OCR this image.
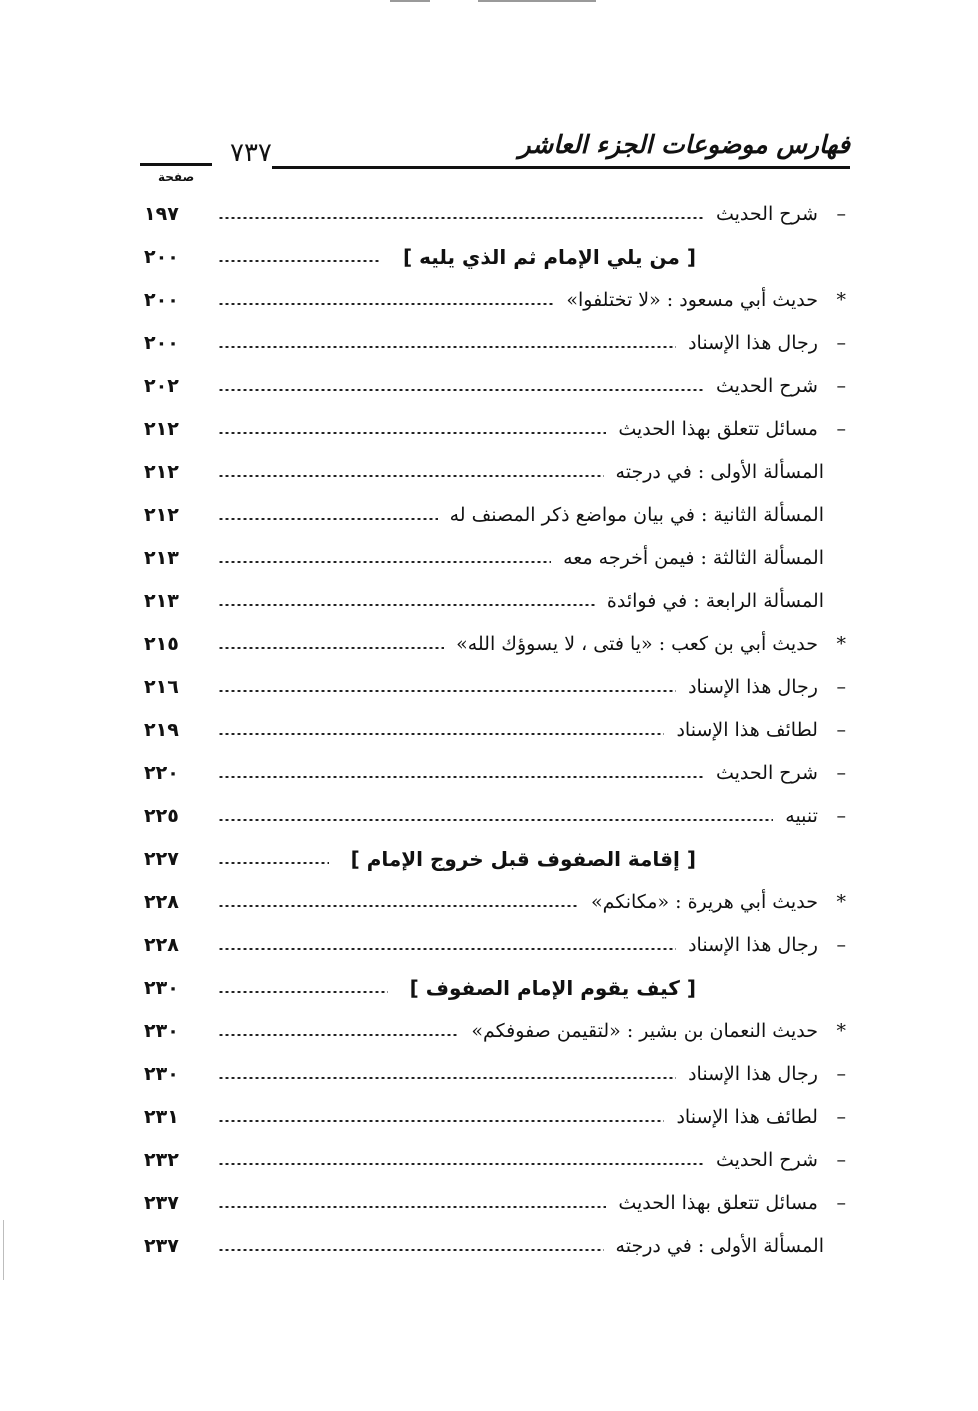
فهارس موضوعات الجزء العاشر
٧٣٧
صفحة
– شرح الحديث
١٩٧
[ من يلي الإمام ثم الذي يليه ]
٢٠٠
* حديث أبي مسعود : «لا تختلفوا»
٢٠٠
– رجال هذا الإسناد
٢٠٠
– شرح الحديث
٢٠٢
– مسائل تتعلق بهذا الحديث
٢١٢
المسألة الأولى : في درجته
٢١٢
المسألة الثانية : في بيان مواضع ذكر المصنف له
٢١٢
المسألة الثالثة : فيمن أخرجه معه
٢١٣
المسألة الرابعة : في فوائدة
٢١٣
* حديث أبي بن كعب : «يا فتى ، لا يسوؤك الله»
٢١٥
– رجال هذا الإسناد
٢١٦
– لطائف هذا الإسناد
٢١٩
– شرح الحديث
٢٢٠
– تنبيه
٢٢٥
[ إقامة الصفوف قبل خروج الإمام ]
٢٢٧
* حديث أبي هريرة : «مكانكم»
٢٢٨
– رجال هذا الإسناد
٢٢٨
[ كيف يقوم الإمام الصفوف ]
٢٣٠
* حديث النعمان بن بشير : «لتقيمن صفوفكم»
٢٣٠
– رجال هذا الإسناد
٢٣٠
– لطائف هذا الإسناد
٢٣١
– شرح الحديث
٢٣٢
– مسائل تتعلق بهذا الحديث
٢٣٧
المسألة الأولى : في درجته
٢٣٧
